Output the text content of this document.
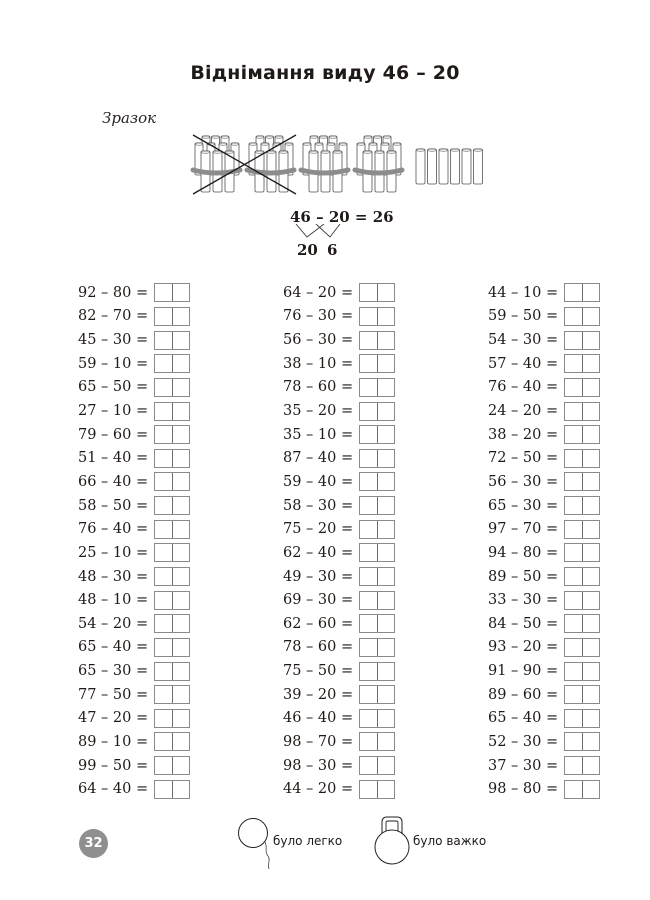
Віднімання виду 46 – 20
Зразок
46 – 20 = 26
20 6
92 – 80 =
82 – 70 =
45 – 30 =
59 – 10 =
65 – 50 =
27 – 10 =
79 – 60 =
51 – 40 =
66 – 40 =
58 – 50 =
76 – 40 =
25 – 10 =
48 – 30 =
48 – 10 =
54 – 20 =
65 – 40 =
65 – 30 =
77 – 50 =
47 – 20 =
89 – 10 =
99 – 50 =
64 – 40 =
64 – 20 =
76 – 30 =
56 – 30 =
38 – 10 =
78 – 60 =
35 – 20 =
35 – 10 =
87 – 40 =
59 – 40 =
58 – 30 =
75 – 20 =
62 – 40 =
49 – 30 =
69 – 30 =
62 – 60 =
78 – 60 =
75 – 50 =
39 – 20 =
46 – 40 =
98 – 70 =
98 – 30 =
44 – 20 =
44 – 10 =
59 – 50 =
54 – 30 =
57 – 40 =
76 – 40 =
24 – 20 =
38 – 20 =
72 – 50 =
56 – 30 =
65 – 30 =
97 – 70 =
94 – 80 =
89 – 50 =
33 – 30 =
84 – 50 =
93 – 20 =
91 – 90 =
89 – 60 =
65 – 40 =
52 – 30 =
37 – 30 =
98 – 80 =
32	було легко	було важко
